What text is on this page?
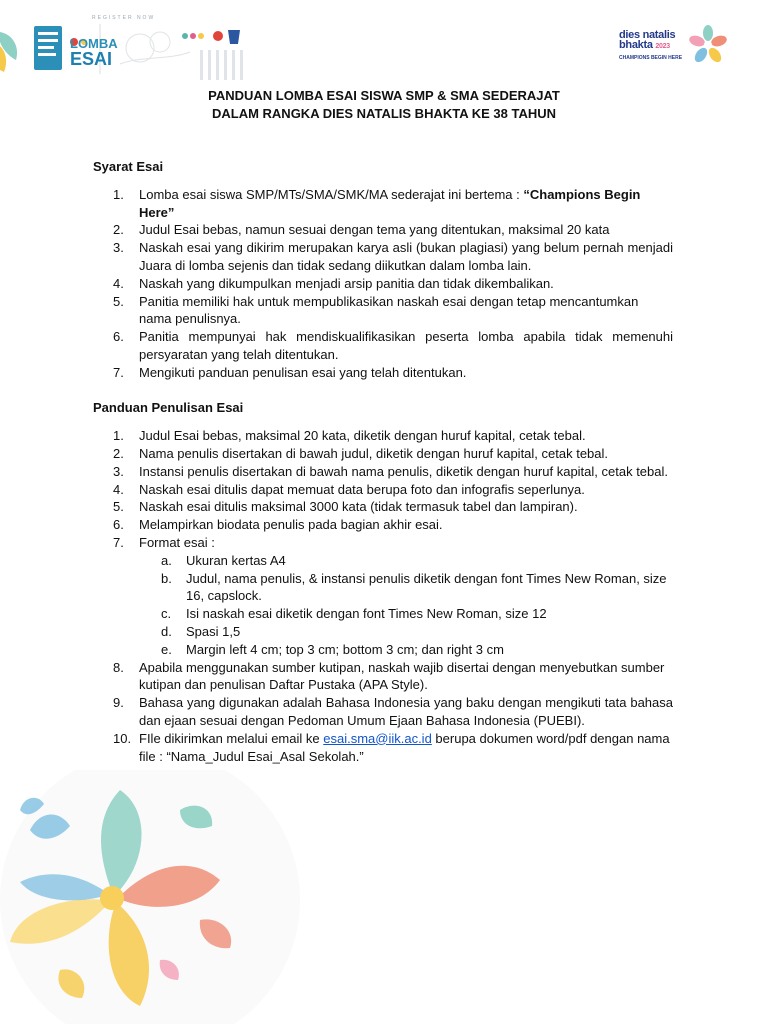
REGISTER NOW
LOMBA
ESAI
dies natalis
bhakta 2023
CHAMPIONS BEGIN HERE
PANDUAN LOMBA ESAI SISWA SMP & SMA SEDERAJAT
DALAM RANGKA DIES NATALIS BHAKTA KE 38 TAHUN

Syarat Esai

1. Lomba esai siswa SMP/MTs/SMA/SMK/MA sederajat ini bertema : “Champions Begin Here”
2. Judul Esai bebas, namun sesuai dengan tema yang ditentukan, maksimal 20 kata
3. Naskah esai yang dikirim merupakan karya asli (bukan plagiasi) yang belum pernah menjadi Juara di lomba sejenis dan tidak sedang diikutkan dalam lomba lain.
4. Naskah yang dikumpulkan menjadi arsip panitia dan tidak dikembalikan.
5. Panitia memiliki hak untuk mempublikasikan naskah esai dengan tetap mencantumkan nama penulisnya.
6. Panitia mempunyai hak mendiskualifikasikan peserta lomba apabila tidak memenuhi persyaratan yang telah ditentukan.
7. Mengikuti panduan penulisan esai yang telah ditentukan.

Panduan Penulisan Esai

1. Judul Esai bebas, maksimal 20 kata, diketik dengan huruf kapital, cetak tebal.
2. Nama penulis disertakan di bawah judul, diketik dengan huruf kapital, cetak tebal.
3. Instansi penulis disertakan di bawah nama penulis, diketik dengan huruf kapital, cetak tebal.
4. Naskah esai ditulis dapat memuat data berupa foto dan infografis seperlunya.
5. Naskah esai ditulis maksimal 3000 kata (tidak termasuk tabel dan lampiran).
6. Melampirkan biodata penulis pada bagian akhir esai.
7. Format esai :
a. Ukuran kertas A4
b. Judul, nama penulis, & instansi penulis diketik dengan font Times New Roman, size 16, capslock.
c. Isi naskah esai diketik dengan font Times New Roman, size 12
d. Spasi 1,5
e. Margin left 4 cm; top 3 cm; bottom 3 cm; dan right 3 cm
8. Apabila menggunakan sumber kutipan, naskah wajib disertai dengan menyebutkan sumber kutipan dan penulisan Daftar Pustaka (APA Style).
9. Bahasa yang digunakan adalah Bahasa Indonesia yang baku dengan mengikuti tata bahasa dan ejaan sesuai dengan Pedoman Umum Ejaan Bahasa Indonesia (PUEBI).
10. FIle dikirimkan melalui email ke esai.sma@iik.ac.id berupa dokumen word/pdf dengan nama file : “Nama_Judul Esai_Asal Sekolah.”
